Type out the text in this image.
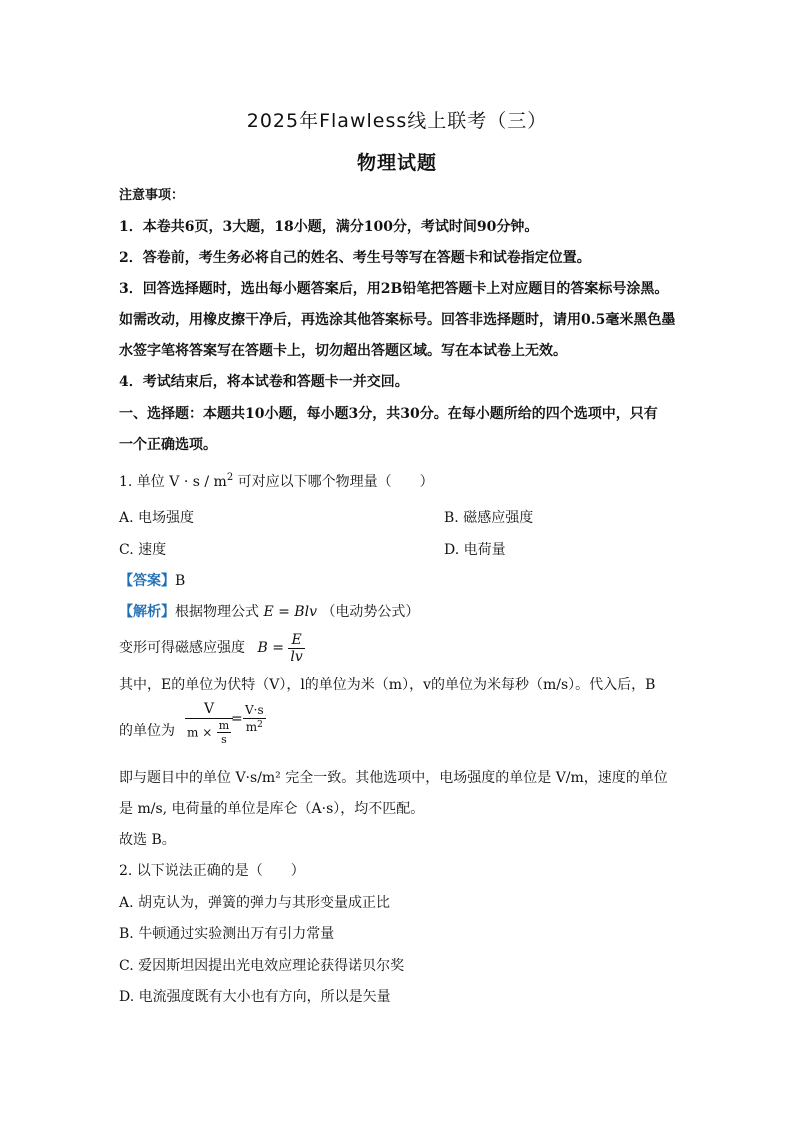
2025年Flawless线上联考（三）
物理试题
注意事项：
1．本卷共6页，3大题，18小题，满分100分，考试时间90分钟。
2．答卷前，考生务必将自己的姓名、考生号等写在答题卡和试卷指定位置。
3．回答选择题时，选出每小题答案后，用2B铅笔把答题卡上对应题目的答案标号涂黑。
如需改动，用橡皮擦干净后，再选涂其他答案标号。回答非选择题时，请用0.5毫米黑色墨
水签字笔将答案写在答题卡上，切勿超出答题区域。写在本试卷上无效。
4．考试结束后，将本试卷和答题卡一并交回。
一、选择题：本题共10小题，每小题3分，共30分。在每小题所给的四个选项中，只有
一个正确选项。
1. 单位 $V \cdot s / m^2$ 可对应以下哪个物理量（　　）
A. 电场强度	B. 磁感应强度
C. 速度	D. 电荷量
【答案】B
【解析】根据物理公式 E = Blv （电动势公式）
变形可得磁感应强度 $B = \frac{E}{lv}$
其中，E的单位为伏特（V），l的单位为米（m），v的单位为米每秒（m/s）。代入后，B
的单位为 $\frac{V}{m \times \frac{m}{s}}$
= $\frac{V\cdot s}{m^2}$
即与题目中的单位 V·s/m² 完全一致。其他选项中，电场强度的单位是 V/m，速度的单位
是 m/s, 电荷量的单位是库仑（A·s），均不匹配。
故选 B。
2. 以下说法正确的是（　　）
A. 胡克认为，弹簧的弹力与其形变量成正比
B. 牛顿通过实验测出万有引力常量
C. 爱因斯坦因提出光电效应理论获得诺贝尔奖
D. 电流强度既有大小也有方向，所以是矢量
